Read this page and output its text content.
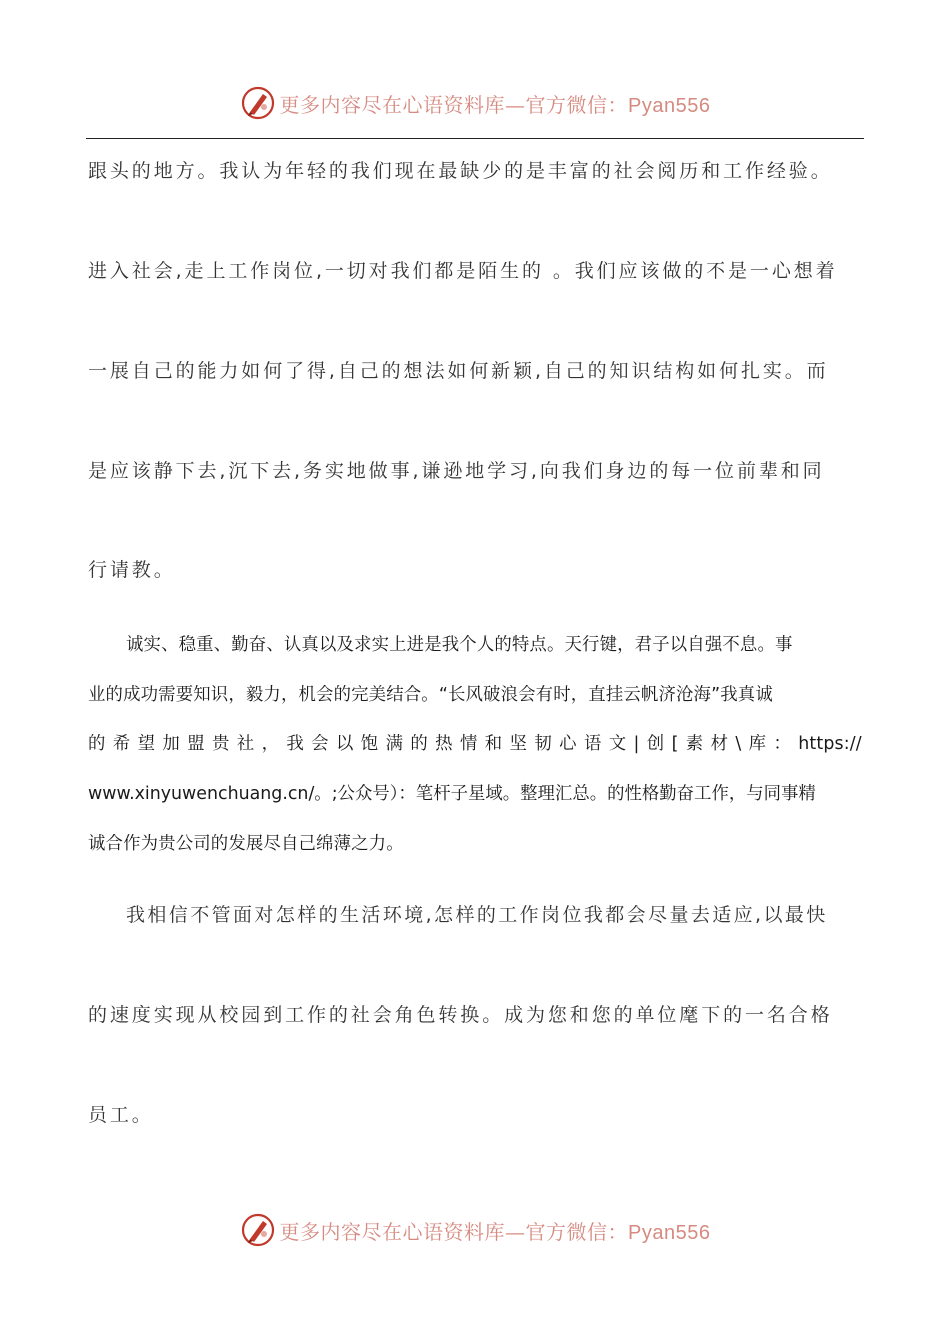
更多内容尽在心语资料库—官方微信：Pyan556
跟头的地方。我认为年轻的我们现在最缺少的是丰富的社会阅历和工作经验。
进入社会,走上工作岗位,一切对我们都是陌生的 。我们应该做的不是一心想着
一展自己的能力如何了得,自己的想法如何新颖,自己的知识结构如何扎实。而
是应该静下去,沉下去,务实地做事,谦逊地学习,向我们身边的每一位前辈和同
行请教。
诚实、稳重、勤奋、认真以及求实上进是我个人的特点。天行键，君子以自强不息。事
业的成功需要知识，毅力，机会的完美结合。“长风破浪会有时，直挂云帆济沧海”我真诚
的 希 望 加 盟 贵 社 ， 我 会 以 饱 满 的 热 情 和 坚 韧 心 语 文 | 创 [ 素 材 \ 库 ： https://
www.xinyuwenchuang.cn/。;公众号）：笔杆子星域。整理汇总。的性格勤奋工作，与同事精
诚合作为贵公司的发展尽自己绵薄之力。
我相信不管面对怎样的生活环境,怎样的工作岗位我都会尽量去适应,以最快
的速度实现从校园到工作的社会角色转换。成为您和您的单位麾下的一名合格
员工。
更多内容尽在心语资料库—官方微信：Pyan556
